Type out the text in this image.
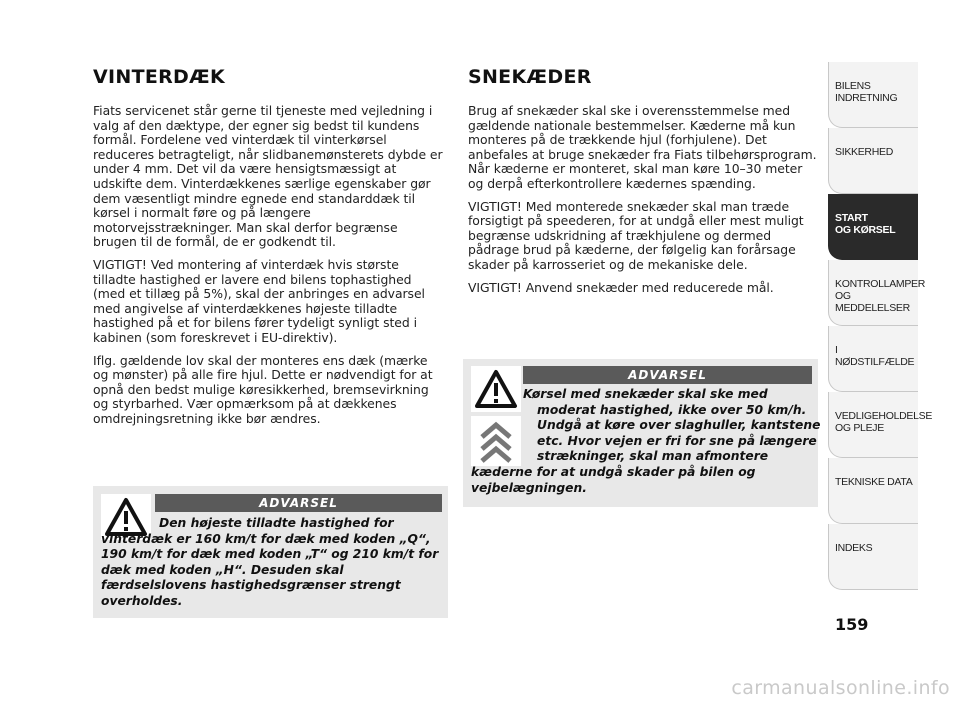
VINTERDÆK

Fiats servicenet står gerne til tjeneste med vejledning i valg af den dæktype, der egner sig bedst til kundens formål. Fordelene ved vinterdæk til vinterkørsel reduceres betragteligt, når slidbanemønsterets dybde er under 4 mm. Det vil da være hensigtsmæssigt at udskifte dem. Vinterdækkenes særlige egenskaber gør dem væsentligt mindre egnede end standarddæk til kørsel i normalt føre og på længere motorvejsstrækninger. Man skal derfor begrænse brugen til de formål, de er godkendt til.

VIGTIGT! Ved montering af vinterdæk hvis største tilladte hastighed er lavere end bilens tophastighed (med et tillæg på 5%), skal der anbringes en advarsel med angivelse af vinterdækkenes højeste tilladte hastighed på et for bilens fører tydeligt synligt sted i kabinen (som foreskrevet i EU-direktiv).

Iflg. gældende lov skal der monteres ens dæk (mærke og mønster) på alle fire hjul. Dette er nødvendigt for at opnå den bedst mulige køresikkerhed, bremsevirkning og styrbarhed. Vær opmærksom på at dækkenes omdrejningsretning ikke bør ændres.

ADVARSEL
Den højeste tilladte hastighed for vinterdæk er 160 km/t for dæk med koden „Q“, 190 km/t for dæk med koden „T“ og 210 km/t for dæk med koden „H“. Desuden skal færdselslovens hastighedsgrænser strengt overholdes.
SNEKÆDER

Brug af snekæder skal ske i overensstemmelse med gældende nationale bestemmelser. Kæderne må kun monteres på de trækkende hjul (forhjulene). Det anbefales at bruge snekæder fra Fiats tilbehørsprogram. Når kæderne er monteret, skal man køre 10–30 meter og derpå efterkontrollere kædernes spænding.

VIGTIGT! Med monterede snekæder skal man træde forsigtigt på speederen, for at undgå eller mest muligt begrænse udskridning af trækhjulene og dermed pådrage brud på kæderne, der følgelig kan forårsage skader på karrosseriet og de mekaniske dele.

VIGTIGT! Anvend snekæder med reducerede mål.

ADVARSEL
Kørsel med snekæder skal ske med
moderat hastighed, ikke over 50 km/h.
Undgå at køre over slaghuller, kantstene
etc. Hvor vejen er fri for sne på længere
strækninger, skal man afmontere
kæderne for at undgå skader på bilen og
vejbelægningen.
BILENS
INDRETNING
SIKKERHED
START
OG KØRSEL
KONTROLLAMPER
OG MEDDELELSER
I NØDSTILFÆLDE
VEDLIGEHOLDELSE
OG PLEJE
TEKNISKE DATA
INDEKS
159
carmanualsonline.info
